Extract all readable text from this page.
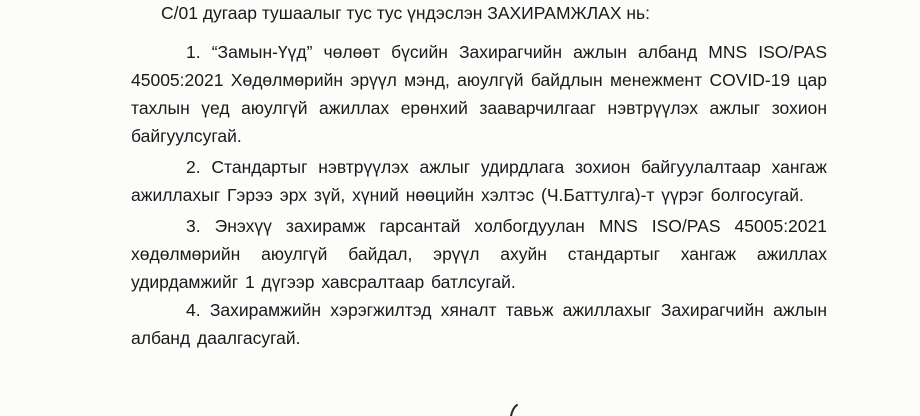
С/01 дугаар тушаалыг тус тус үндэслэн ЗАХИРАМЖЛАХ нь:
1. “Замын-Үүд” чөлөөт бүсийн Захирагчийн ажлын албанд MNS ISO/PAS 45005:2021 Хөдөлмөрийн эрүүл мэнд, аюулгүй байдлын менежмент COVID-19 цар тахлын үед аюулгүй ажиллах ерөнхий зааварчилгааг нэвтрүүлэх ажлыг зохион байгуулсугай.
2. Стандартыг нэвтрүүлэх ажлыг удирдлага зохион байгуулалтаар хангаж ажиллахыг Гэрээ эрх зүй, хүний нөөцийн хэлтэс (Ч.Баттулга)-т үүрэг болгосугай.
3. Энэхүү захирамж гарсантай холбогдуулан MNS ISO/PAS 45005:2021 хөдөлмөрийн аюулгүй байдал, эрүүл ахуйн стандартыг хангаж ажиллах удирдамжийг 1 дүгээр хавсралтаар батлсугай.
4. Захирамжийн хэрэгжилтэд хяналт тавьж ажиллахыг Захирагчийн ажлын албанд даалгасугай.
